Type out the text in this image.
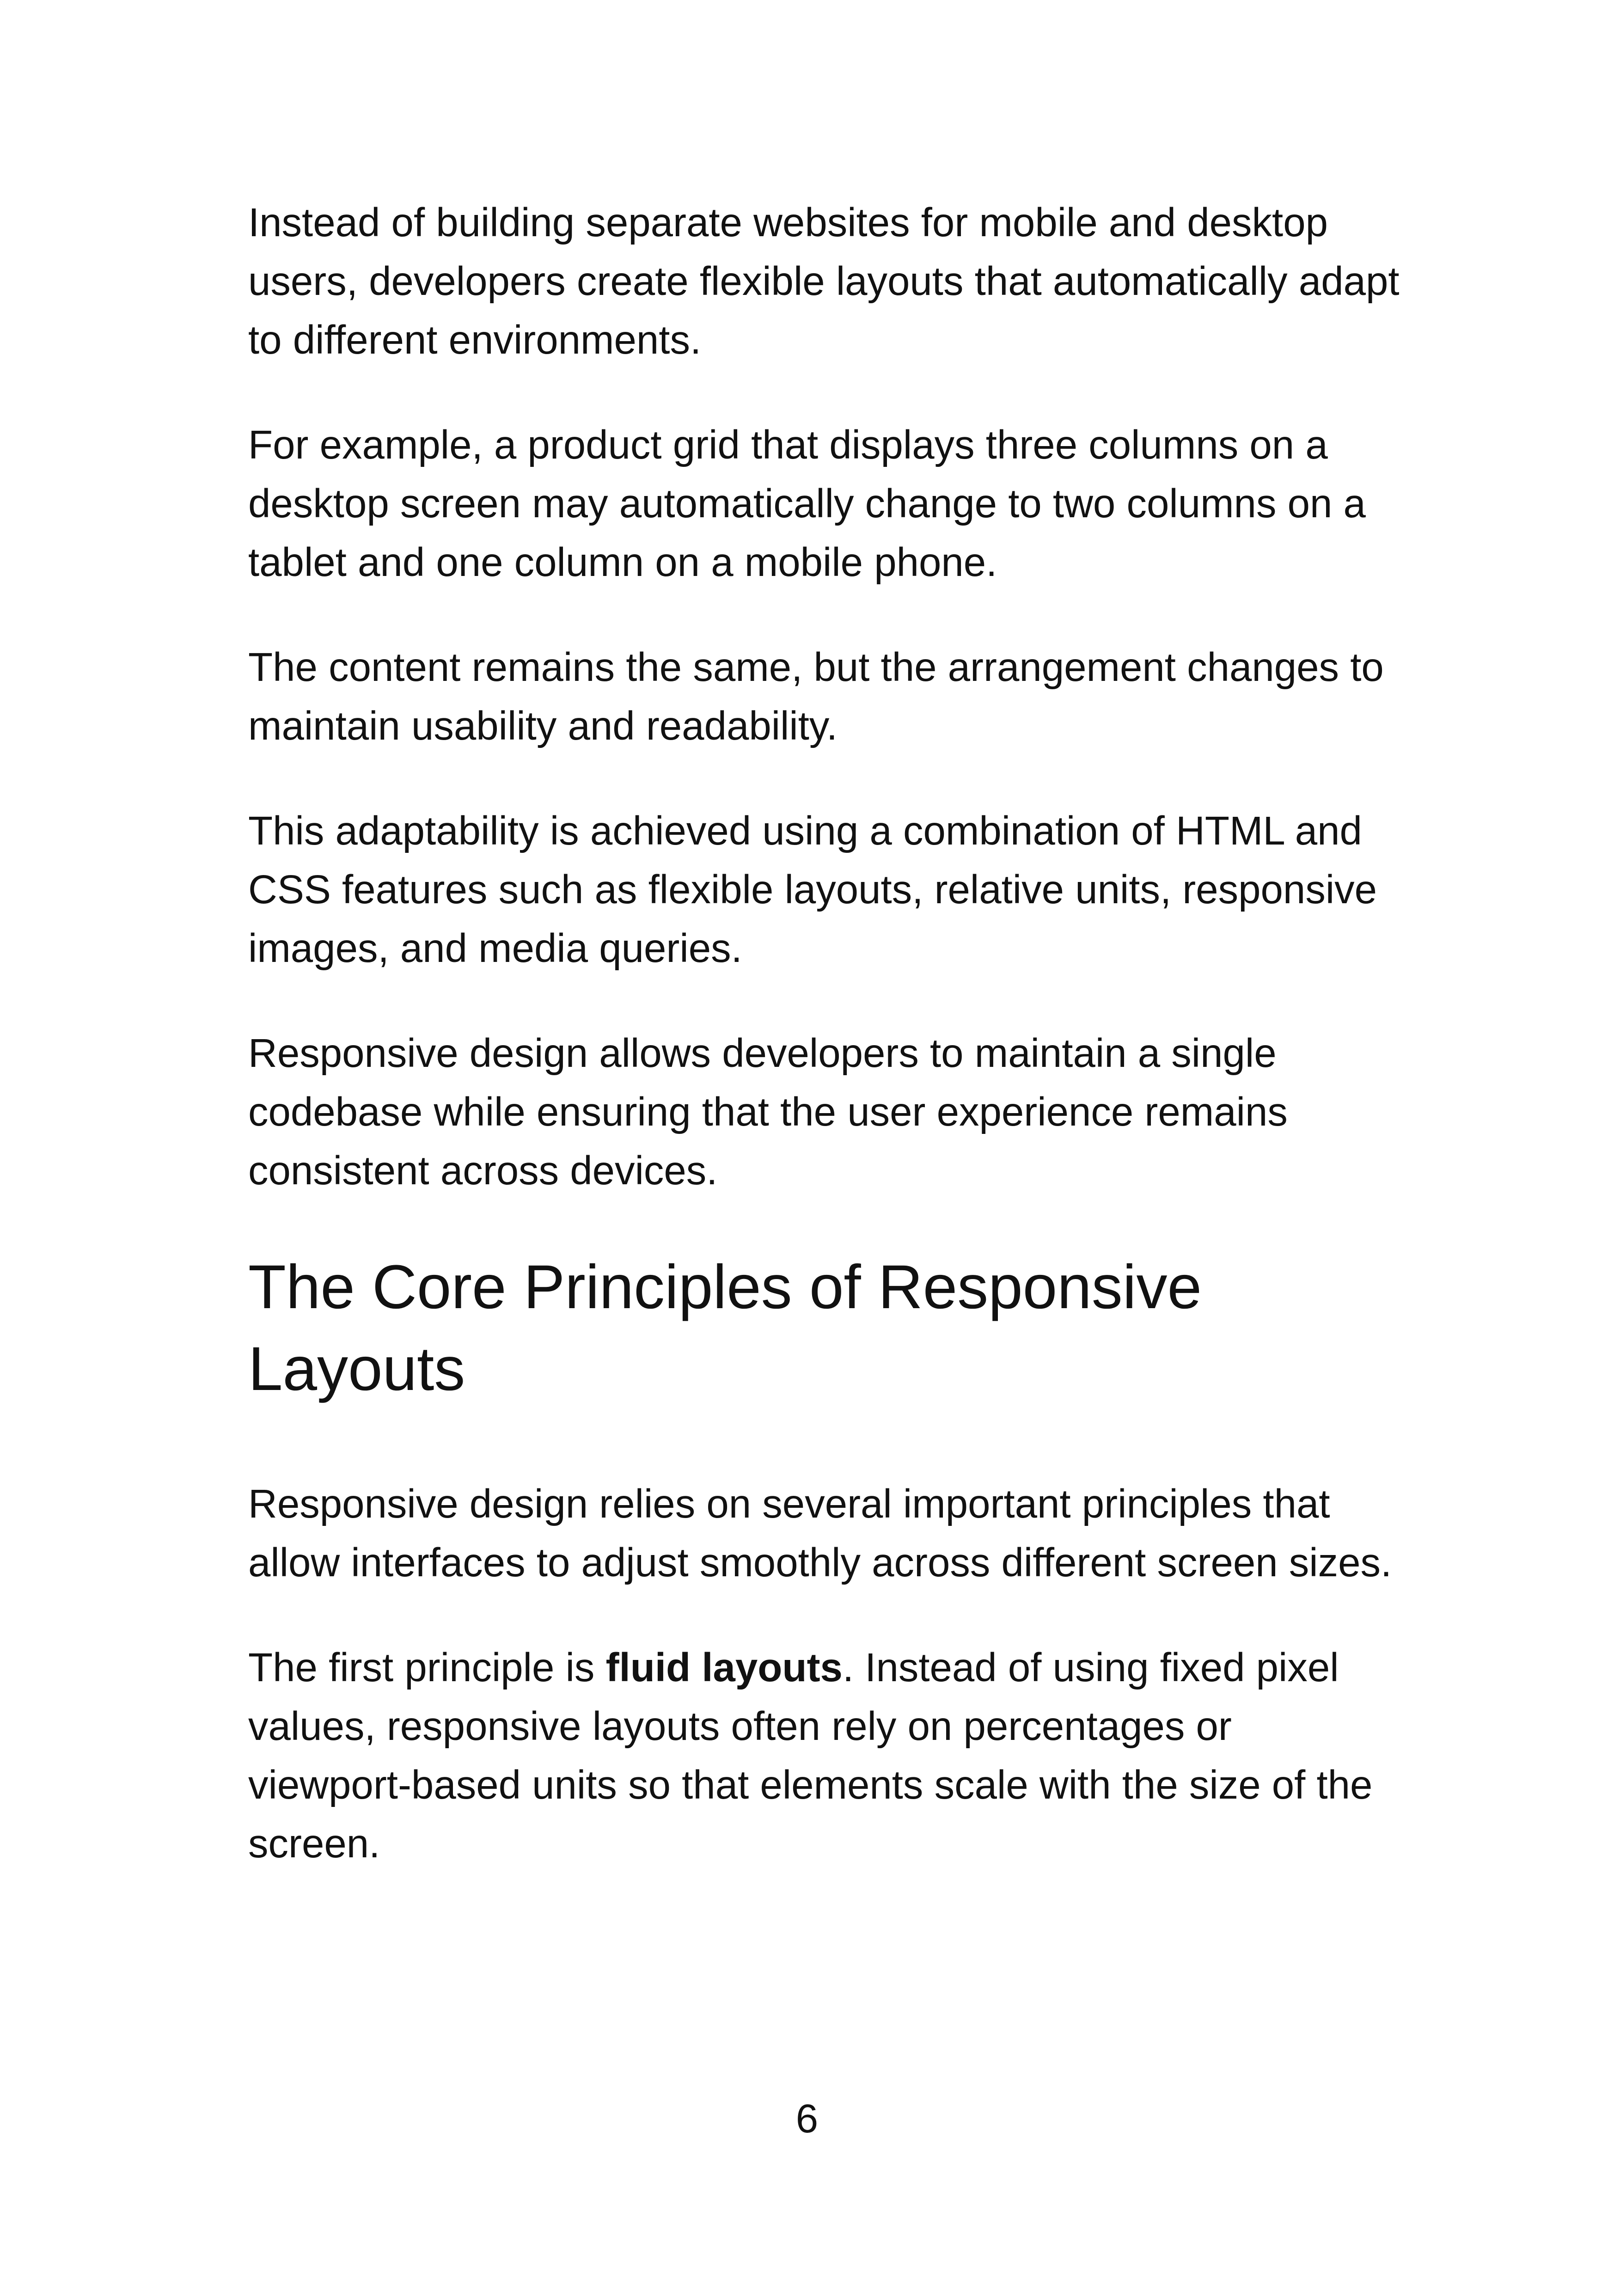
Instead of building separate websites for mobile and desktop users, developers create flexible layouts that automatically adapt to different environments.

For example, a product grid that displays three columns on a desktop screen may automatically change to two columns on a tablet and one column on a mobile phone.

The content remains the same, but the arrangement changes to maintain usability and readability.

This adaptability is achieved using a combination of HTML and CSS features such as flexible layouts, relative units, responsive images, and media queries.

Responsive design allows developers to maintain a single codebase while ensuring that the user experience remains consistent across devices.

The Core Principles of Responsive Layouts

Responsive design relies on several important principles that allow interfaces to adjust smoothly across different screen sizes.

The first principle is fluid layouts. Instead of using fixed pixel values, responsive layouts often rely on percentages or viewport-based units so that elements scale with the size of the screen.

6
